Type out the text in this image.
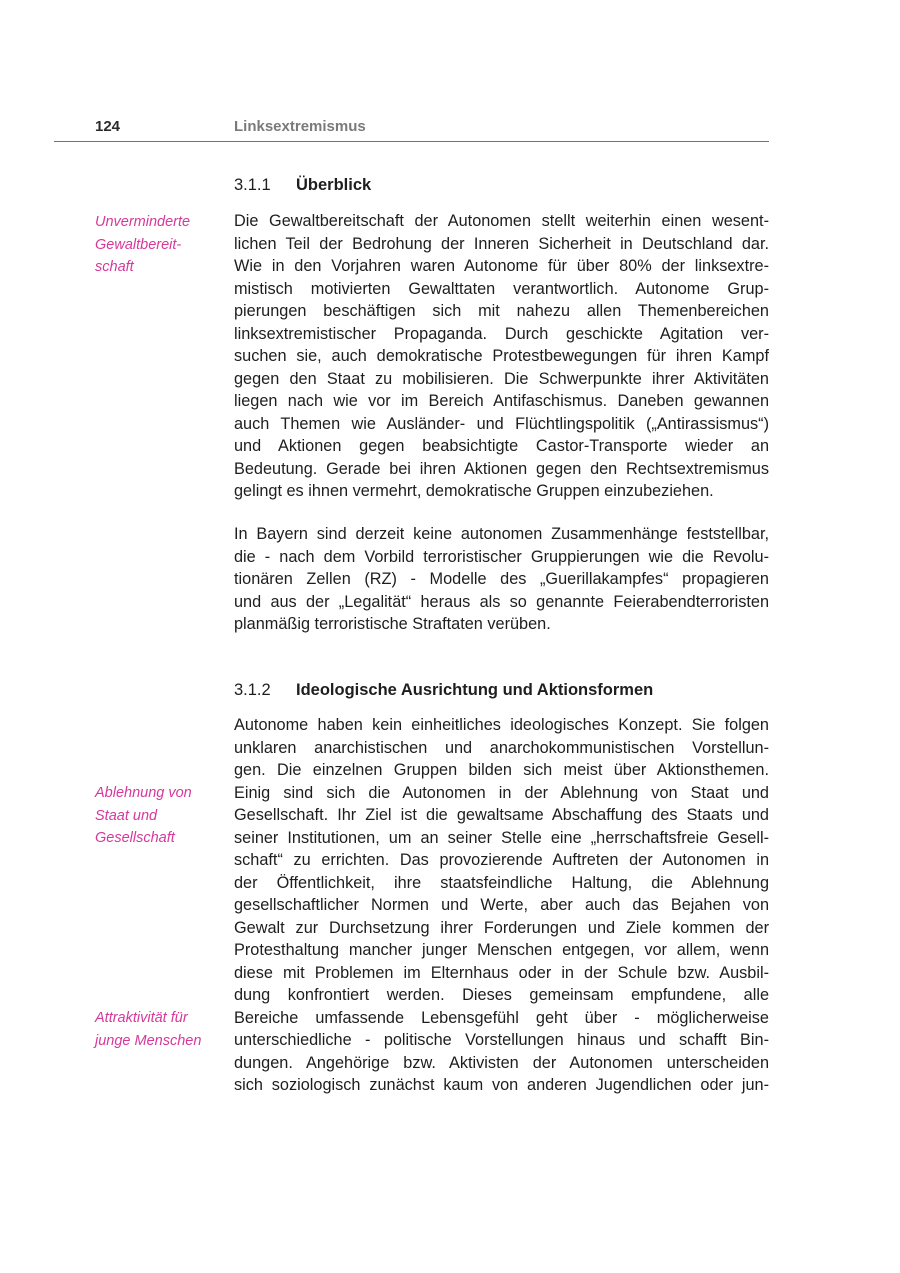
124	Linksextremismus
3.1.1 Überblick
Unverminderte
Gewaltbereit-
schaft
Die Gewaltbereitschaft der Autonomen stellt weiterhin einen wesent-
lichen Teil der Bedrohung der Inneren Sicherheit in Deutschland dar.
Wie in den Vorjahren waren Autonome für über 80% der linksextre-
mistisch motivierten Gewalttaten verantwortlich. Autonome Grup-
pierungen beschäftigen sich mit nahezu allen Themenbereichen
linksextremistischer Propaganda. Durch geschickte Agitation ver-
suchen sie, auch demokratische Protestbewegungen für ihren Kampf
gegen den Staat zu mobilisieren. Die Schwerpunkte ihrer Aktivitäten
liegen nach wie vor im Bereich Antifaschismus. Daneben gewannen
auch Themen wie Ausländer- und Flüchtlingspolitik („Antirassismus“)
und Aktionen gegen beabsichtigte Castor-Transporte wieder an
Bedeutung. Gerade bei ihren Aktionen gegen den Rechtsextremismus
gelingt es ihnen vermehrt, demokratische Gruppen einzubeziehen.
In Bayern sind derzeit keine autonomen Zusammenhänge feststellbar,
die - nach dem Vorbild terroristischer Gruppierungen wie die Revolu-
tionären Zellen (RZ) - Modelle des „Guerillakampfes“ propagieren
und aus der „Legalität“ heraus als so genannte Feierabendterroristen
planmäßig terroristische Straftaten verüben.
3.1.2 Ideologische Ausrichtung und Aktionsformen
Ablehnung von
Staat und
Gesellschaft
Attraktivität für
junge Menschen
Autonome haben kein einheitliches ideologisches Konzept. Sie folgen
unklaren anarchistischen und anarchokommunistischen Vorstellun-
gen. Die einzelnen Gruppen bilden sich meist über Aktionsthemen.
Einig sind sich die Autonomen in der Ablehnung von Staat und
Gesellschaft. Ihr Ziel ist die gewaltsame Abschaffung des Staats und
seiner Institutionen, um an seiner Stelle eine „herrschaftsfreie Gesell-
schaft“ zu errichten. Das provozierende Auftreten der Autonomen in
der Öffentlichkeit, ihre staatsfeindliche Haltung, die Ablehnung
gesellschaftlicher Normen und Werte, aber auch das Bejahen von
Gewalt zur Durchsetzung ihrer Forderungen und Ziele kommen der
Protesthaltung mancher junger Menschen entgegen, vor allem, wenn
diese mit Problemen im Elternhaus oder in der Schule bzw. Ausbil-
dung konfrontiert werden. Dieses gemeinsam empfundene, alle
Bereiche umfassende Lebensgefühl geht über - möglicherweise
unterschiedliche - politische Vorstellungen hinaus und schafft Bin-
dungen. Angehörige bzw. Aktivisten der Autonomen unterscheiden
sich soziologisch zunächst kaum von anderen Jugendlichen oder jun-
